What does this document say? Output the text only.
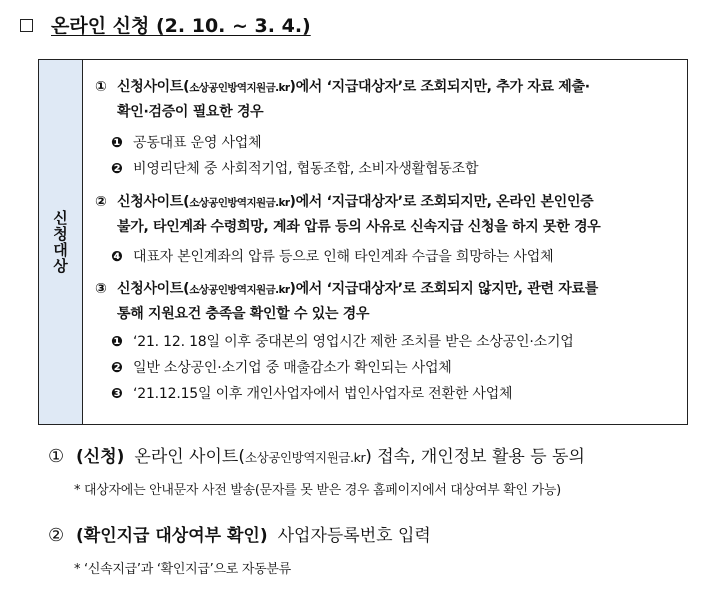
온라인 신청 (2. 10. ~ 3. 4.)
신청대상
① 신청사이트(소상공인방역지원금.kr)에서 ‘지급대상자’로 조회되지만, 추가 자료 제출·
확인·검증이 필요한 경우
❶ 공동대표 운영 사업체
❷ 비영리단체 중 사회적기업, 협동조합, 소비자생활협동조합
② 신청사이트(소상공인방역지원금.kr)에서 ‘지급대상자’로 조회되지만, 온라인 본인인증
불가, 타인계좌 수령희망, 계좌 압류 등의 사유로 신속지급 신청을 하지 못한 경우
❹ 대표자 본인계좌의 압류 등으로 인해 타인계좌 수급을 희망하는 사업체
③ 신청사이트(소상공인방역지원금.kr)에서 ‘지급대상자’로 조회되지 않지만, 관련 자료를
통해 지원요건 충족을 확인할 수 있는 경우
❶ ‘21. 12. 18일 이후 중대본의 영업시간 제한 조치를 받은 소상공인·소기업
❷ 일반 소상공인·소기업 중 매출감소가 확인되는 사업체
❸ ‘21.12.15일 이후 개인사업자에서 법인사업자로 전환한 사업체
① (신청) 온라인 사이트(소상공인방역지원금.kr) 접속, 개인정보 활용 등 동의
* 대상자에는 안내문자 사전 발송(문자를 못 받은 경우 홈페이지에서 대상여부 확인 가능)
② (확인지급 대상여부 확인) 사업자등록번호 입력
* ‘신속지급’과 ‘확인지급’으로 자동분류
